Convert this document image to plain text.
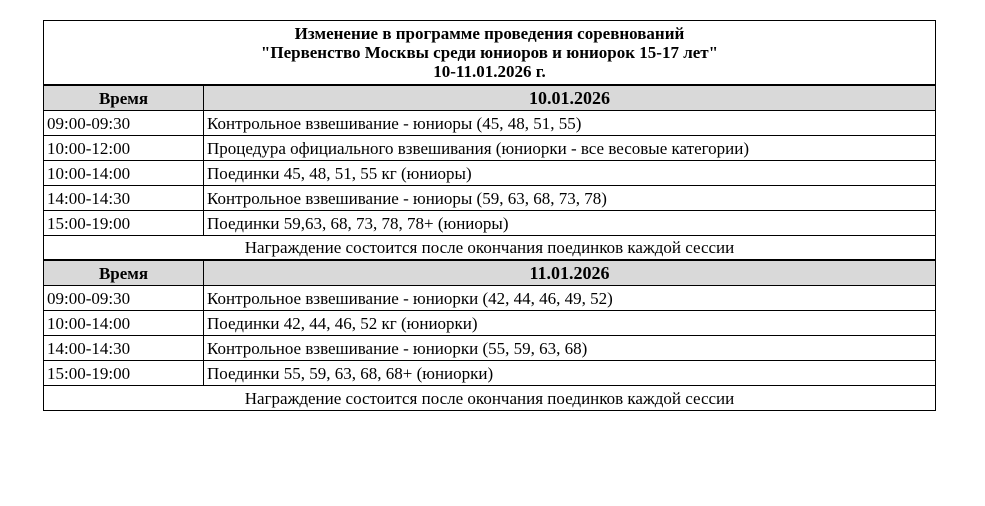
Изменение в программе проведения соревнований
"Первенство Москвы среди юниоров и юниорок 15-17 лет"
10-11.01.2026 г.	

Время	10.01.2026
09:00-09:30	Контрольное взвешивание - юниоры (45, 48, 51, 55)
10:00-12:00	Процедура официального взвешивания (юниорки - все весовые категории)
10:00-14:00	Поединки 45, 48, 51, 55 кг (юниоры)
14:00-14:30	Контрольное взвешивание - юниоры (59, 63, 68, 73, 78)
15:00-19:00	Поединки 59,63, 68, 73, 78, 78+ (юниоры)
Награждение состоится после окончания поединков каждой сессии	
Время	11.01.2026
09:00-09:30	Контрольное взвешивание - юниорки (42, 44, 46, 49, 52)
10:00-14:00	Поединки 42, 44, 46, 52 кг (юниорки)
14:00-14:30	Контрольное взвешивание - юниорки (55, 59, 63, 68)
15:00-19:00	Поединки 55, 59, 63, 68, 68+ (юниорки)
Награждение состоится после окончания поединков каждой сессии	
